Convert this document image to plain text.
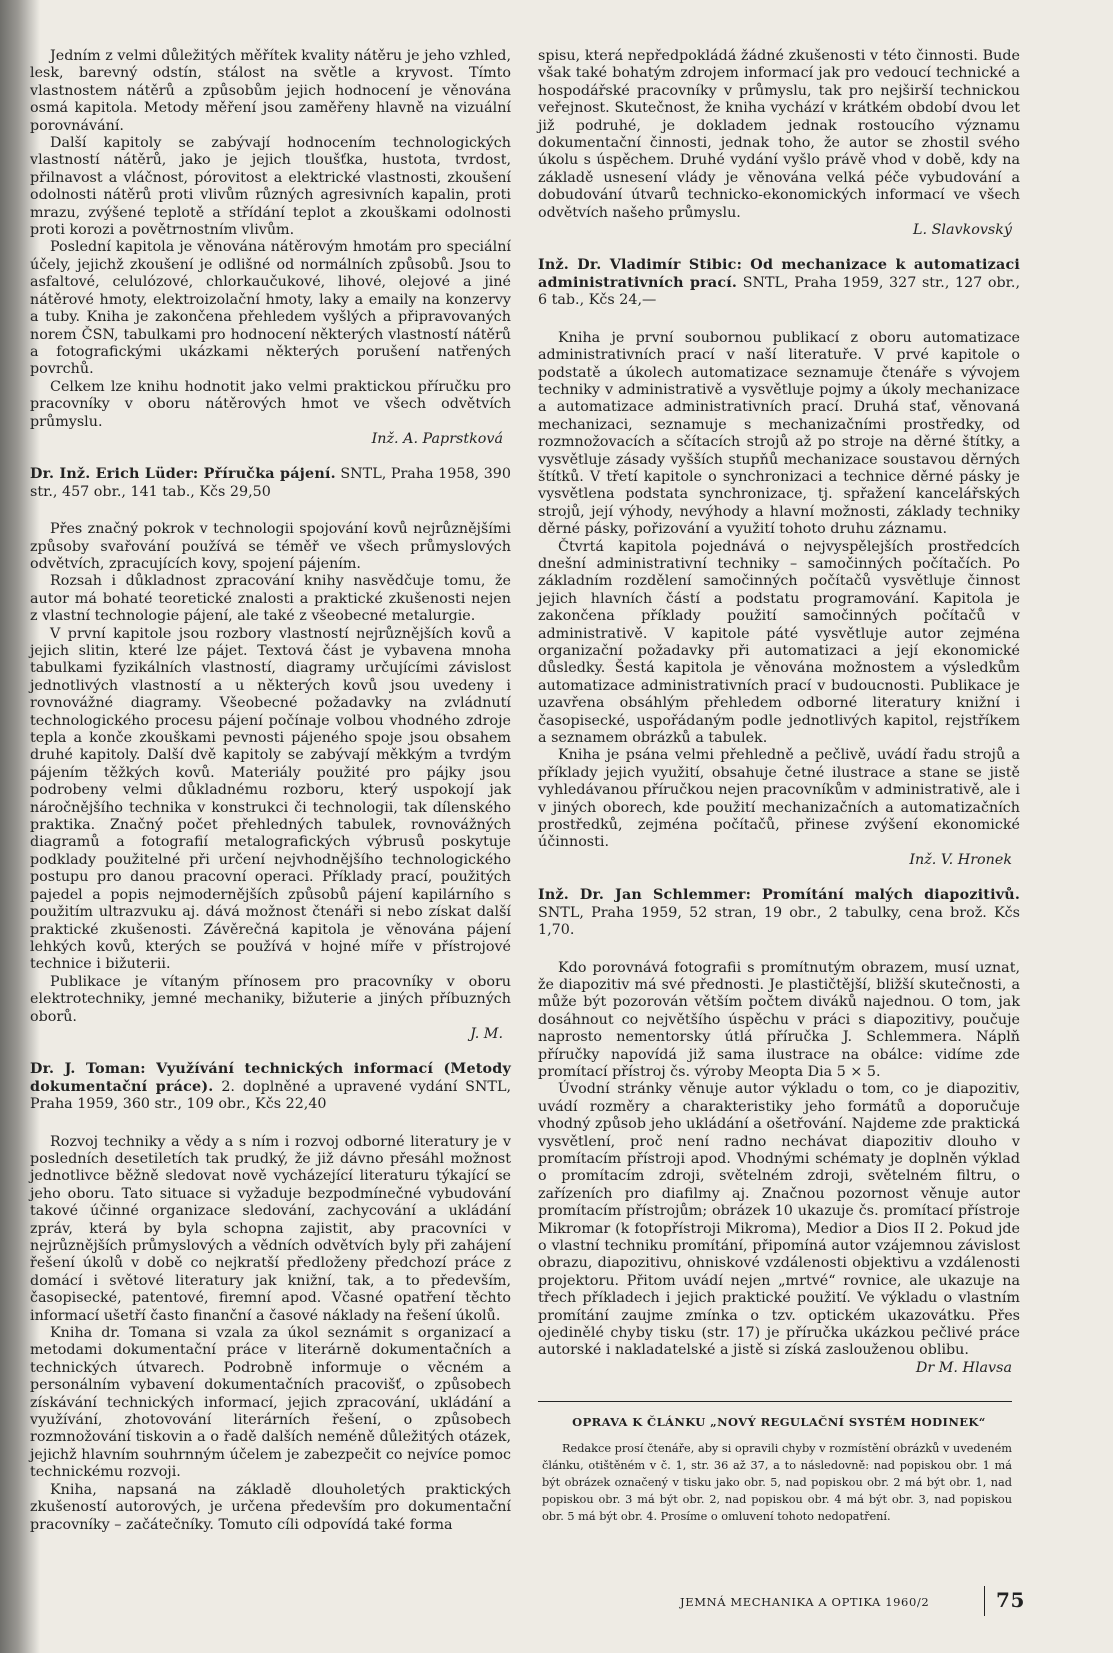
Jedním z velmi důležitých měřítek kvality nátěru je jeho vzhled, lesk, barevný odstín, stálost na světle a kryvost. Tímto vlastnostem nátěrů a způsobům jejich hodnocení je věnována osmá kapitola. Metody měření jsou zaměřeny hlavně na vizuální porovnávání.

Další kapitoly se zabývají hodnocením technologických vlastností nátěrů, jako je jejich tloušťka, hustota, tvrdost, přilnavost a vláčnost, pórovitost a elektrické vlastnosti, zkoušení odolnosti nátěrů proti vlivům různých agresivních kapalin, proti mrazu, zvýšené teplotě a střídání teplot a zkouškami odolnosti proti korozi a povětrnostním vlivům.

Poslední kapitola je věnována nátěrovým hmotám pro speciální účely, jejichž zkoušení je odlišné od normálních způsobů. Jsou to asfaltové, celulózové, chlorkaučukové, lihové, olejové a jiné nátěrové hmoty, elektroizolační hmoty, laky a emaily na konzervy a tuby. Kniha je zakončena přehledem vyšlých a připravovaných norem ČSN, tabulkami pro hodnocení některých vlastností nátěrů a fotografickými ukázkami některých porušení natřených povrchů.

Celkem lze knihu hodnotit jako velmi praktickou příručku pro pracovníky v oboru nátěrových hmot ve všech odvětvích průmyslu.

Inž. A. Paprstková

Dr. Inž. Erich Lüder: Příručka pájení. SNTL, Praha 1958, 390 str., 457 obr., 141 tab., Kčs 29,50

Přes značný pokrok v technologii spojování kovů nejrůznějšími způsoby svařování používá se téměř ve všech průmyslových odvětvích, zpracujících kovy, spojení pájením.

Rozsah i důkladnost zpracování knihy nasvědčuje tomu, že autor má bohaté teoretické znalosti a praktické zkušenosti nejen z vlastní technologie pájení, ale také z všeobecné metalurgie.

V první kapitole jsou rozbory vlastností nejrůznějších kovů a jejich slitin, které lze pájet. Textová část je vybavena mnoha tabulkami fyzikálních vlastností, diagramy určujícími závislost jednotlivých vlastností a u některých kovů jsou uvedeny i rovnovážné diagramy. Všeobecné požadavky na zvládnutí technologického procesu pájení počínaje volbou vhodného zdroje tepla a konče zkouškami pevnosti pájeného spoje jsou obsahem druhé kapitoly. Další dvě kapitoly se zabývají měkkým a tvrdým pájením těžkých kovů. Materiály použité pro pájky jsou podrobeny velmi důkladnému rozboru, který uspokojí jak náročnějšího technika v konstrukci či technologii, tak dílenského praktika. Značný počet přehledných tabulek, rovnovážných diagramů a fotografií metalografických výbrusů poskytuje podklady použitelné při určení nejvhodnějšího technologického postupu pro danou pracovní operaci. Příklady prací, použitých pajedel a popis nejmodernějších způsobů pájení kapilárního s použitím ultrazvuku aj. dává možnost čtenáři si nebo získat další praktické zkušenosti. Závěrečná kapitola je věnována pájení lehkých kovů, kterých se používá v hojné míře v přístrojové technice i bižuterii.

Publikace je vítaným přínosem pro pracovníky v oboru elektrotechniky, jemné mechaniky, bižuterie a jiných příbuzných oborů.

J. M.

Dr. J. Toman: Využívání technických informací (Metody dokumentační práce). 2. doplněné a upravené vydání SNTL, Praha 1959, 360 str., 109 obr., Kčs 22,40

Rozvoj techniky a vědy a s ním i rozvoj odborné literatury je v posledních desetiletích tak prudký, že již dávno přesáhl možnost jednotlivce běžně sledovat nově vycházející literaturu týkající se jeho oboru. Tato situace si vyžaduje bezpodmínečné vybudování takové účinné organizace sledování, zachycování a ukládání zpráv, která by byla schopna zajistit, aby pracovníci v nejrůznějších průmyslových a vědních odvětvích byly při zahájení řešení úkolů v době co nejkratší předloženy předchozí práce z domácí i světové literatury jak knižní, tak, a to především, časopisecké, patentové, firemní apod. Včasné opatření těchto informací ušetří často finanční a časové náklady na řešení úkolů.

Kniha dr. Tomana si vzala za úkol seznámit s organizací a metodami dokumentační práce v literárně dokumentačních a technických útvarech. Podrobně informuje o věcném a personálním vybavení dokumentačních pracovišť, o způsobech získávání technických informací, jejich zpracování, ukládání a využívání, zhotovování literárních řešení, o způsobech rozmnožování tiskovin a o řadě dalších neméně důležitých otázek, jejichž hlavním souhrnným účelem je zabezpečit co nejvíce pomoc technickému rozvoji.

Kniha, napsaná na základě dlouholetých praktických zkušeností autorových, je určena především pro dokumentační pracovníky – začátečníky. Tomuto cíli odpovídá také forma

spisu, která nepředpokládá žádné zkušenosti v této činnosti. Bude však také bohatým zdrojem informací jak pro vedoucí technické a hospodářské pracovníky v průmyslu, tak pro nejširší technickou veřejnost. Skutečnost, že kniha vychází v krátkém období dvou let již podruhé, je dokladem jednak rostoucího významu dokumentační činnosti, jednak toho, že autor se zhostil svého úkolu s úspěchem. Druhé vydání vyšlo právě vhod v době, kdy na základě usnesení vlády je věnována velká péče vybudování a dobudování útvarů technicko-ekonomických informací ve všech odvětvích našeho průmyslu.

L. Slavkovský

Inž. Dr. Vladimír Stibic: Od mechanizace k automatizaci administrativních prací. SNTL, Praha 1959, 327 str., 127 obr., 6 tab., Kčs 24,—

Kniha je první soubornou publikací z oboru automatizace administrativních prací v naší literatuře. V prvé kapitole o podstatě a úkolech automatizace seznamuje čtenáře s vývojem techniky v administrativě a vysvětluje pojmy a úkoly mechanizace a automatizace administrativních prací. Druhá stať, věnovaná mechanizaci, seznamuje s mechanizačními prostředky, od rozmnožovacích a sčítacích strojů až po stroje na děrné štítky, a vysvětluje zásady vyšších stupňů mechanizace soustavou děrných štítků. V třetí kapitole o synchronizaci a technice děrné pásky je vysvětlena podstata synchronizace, tj. spřažení kancelářských strojů, její výhody, nevýhody a hlavní možnosti, základy techniky děrné pásky, pořizování a využití tohoto druhu záznamu.

Čtvrtá kapitola pojednává o nejvyspělejších prostředcích dnešní administrativní techniky – samočinných počítačích. Po základním rozdělení samočinných počítačů vysvětluje činnost jejich hlavních částí a podstatu programování. Kapitola je zakončena příklady použití samočinných počítačů v administrativě. V kapitole páté vysvětluje autor zejména organizační požadavky při automatizaci a její ekonomické důsledky. Šestá kapitola je věnována možnostem a výsledkům automatizace administrativních prací v budoucnosti. Publikace je uzavřena obsáhlým přehledem odborné literatury knižní i časopisecké, uspořádaným podle jednotlivých kapitol, rejstříkem a seznamem obrázků a tabulek.

Kniha je psána velmi přehledně a pečlivě, uvádí řadu strojů a příklady jejich využití, obsahuje četné ilustrace a stane se jistě vyhledávanou příručkou nejen pracovníkům v administrativě, ale i v jiných oborech, kde použití mechanizačních a automatizačních prostředků, zejména počítačů, přinese zvýšení ekonomické účinnosti.

Inž. V. Hronek

Inž. Dr. Jan Schlemmer: Promítání malých diapozitivů. SNTL, Praha 1959, 52 stran, 19 obr., 2 tabulky, cena brož. Kčs 1,70.

Kdo porovnává fotografii s promítnutým obrazem, musí uznat, že diapozitiv má své přednosti. Je plastičtější, bližší skutečnosti, a může být pozorován větším počtem diváků najednou. O tom, jak dosáhnout co největšího úspěchu v práci s diapozitivy, poučuje naprosto nementorsky útlá příručka J. Schlemmera. Náplň příručky napovídá již sama ilustrace na obálce: vidíme zde promítací přístroj čs. výroby Meopta Dia 5 × 5.

Úvodní stránky věnuje autor výkladu o tom, co je diapozitiv, uvádí rozměry a charakteristiky jeho formátů a doporučuje vhodný způsob jeho ukládání a ošetřování. Najdeme zde praktická vysvětlení, proč není radno nechávat diapozitiv dlouho v promítacím přístroji apod. Vhodnými schématy je doplněn výklad o promítacím zdroji, světelném zdroji, světelném filtru, o zařízeních pro diafilmy aj. Značnou pozornost věnuje autor promítacím přístrojům; obrázek 10 ukazuje čs. promítací přístroje Mikromar (k fotopřístroji Mikroma), Medior a Dios II 2. Pokud jde o vlastní techniku promítání, připomíná autor vzájemnou závislost obrazu, diapozitivu, ohniskové vzdálenosti objektivu a vzdálenosti projektoru. Přitom uvádí nejen „mrtvé“ rovnice, ale ukazuje na třech příkladech i jejich praktické použití. Ve výkladu o vlastním promítání zaujme zmínka o tzv. optickém ukazovátku. Přes ojedinělé chyby tisku (str. 17) je příručka ukázkou pečlivé práce autorské i nakladatelské a jistě si získá zaslouženou oblibu.

Dr M. Hlavsa

OPRAVA K ČLÁNKU „NOVÝ REGULAČNÍ SYSTÉM HODINEK“

Redakce prosí čtenáře, aby si opravili chyby v rozmístění obrázků v uvedeném článku, otištěném v č. 1, str. 36 až 37, a to následovně: nad popiskou obr. 1 má být obrázek označený v tisku jako obr. 5, nad popiskou obr. 2 má být obr. 1, nad popiskou obr. 3 má být obr. 2, nad popiskou obr. 4 má být obr. 3, nad popiskou obr. 5 má být obr. 4. Prosíme o omluvení tohoto nedopatření.

JEMNÁ MECHANIKA A OPTIKA 1960/2	75
